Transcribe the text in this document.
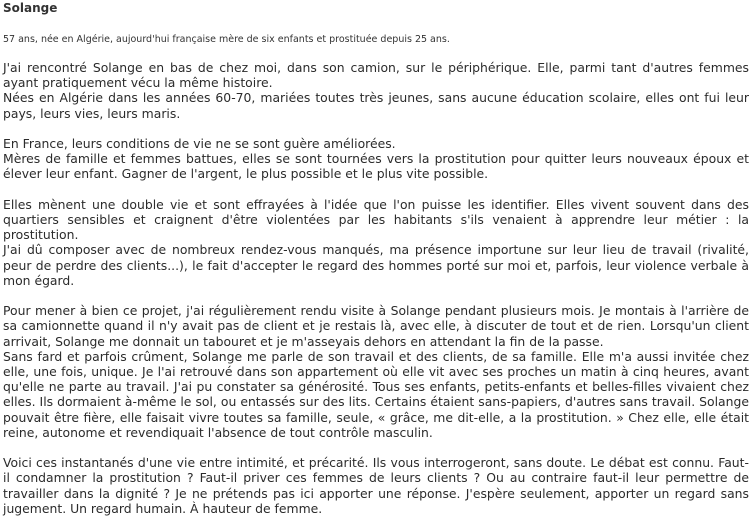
Solange

57 ans, née en Algérie, aujourd'hui française mère de six enfants et prostituée depuis 25 ans.

J'ai rencontré Solange en bas de chez moi, dans son camion, sur le périphérique. Elle, parmi tant d'autres femmes ayant pratiquement vécu la même histoire.
Nées en Algérie dans les années 60-70, mariées toutes très jeunes, sans aucune éducation scolaire, elles ont fui leur pays, leurs vies, leurs maris.

En France, leurs conditions de vie ne se sont guère améliorées.
Mères de famille et femmes battues, elles se sont tournées vers la prostitution pour quitter leurs nouveaux époux et élever leur enfant. Gagner de l'argent, le plus possible et le plus vite possible.

Elles mènent une double vie et sont effrayées à l'idée que l'on puisse les identifier. Elles vivent souvent dans des quartiers sensibles et craignent d'être violentées par les habitants s'ils venaient à apprendre leur métier : la prostitution.
J'ai dû composer avec de nombreux rendez-vous manqués, ma présence importune sur leur lieu de travail (rivalité, peur de perdre des clients...), le fait d'accepter le regard des hommes porté sur moi et, parfois, leur violence verbale à mon égard.

Pour mener à bien ce projet, j'ai régulièrement rendu visite à Solange pendant plusieurs mois. Je montais à l'arrière de sa camionnette quand il n'y avait pas de client et je restais là, avec elle, à discuter de tout et de rien. Lorsqu'un client arrivait, Solange me donnait un tabouret et je m'asseyais dehors en attendant la fin de la passe.
Sans fard et parfois crûment, Solange me parle de son travail et des clients, de sa famille. Elle m'a aussi invitée chez elle, une fois, unique. Je l'ai retrouvé dans son appartement où elle vit avec ses proches un matin à cinq heures, avant qu'elle ne parte au travail. J'ai pu constater sa générosité. Tous ses enfants, petits-enfants et belles-filles vivaient chez elles. Ils dormaient à-même le sol, ou entassés sur des lits. Certains étaient sans-papiers, d'autres sans travail. Solange pouvait être fière, elle faisait vivre toutes sa famille, seule, « grâce, me dit-elle, a la prostitution. » Chez elle, elle était reine, autonome et revendiquait l'absence de tout contrôle masculin.

Voici ces instantanés d'une vie entre intimité, et précarité. Ils vous interrogeront, sans doute. Le débat est connu. Faut-il condamner la prostitution ? Faut-il priver ces femmes de leurs clients ? Ou au contraire faut-il leur permettre de travailler dans la dignité ? Je ne prétends pas ici apporter une réponse. J'espère seulement, apporter un regard sans jugement. Un regard humain. À hauteur de femme.
